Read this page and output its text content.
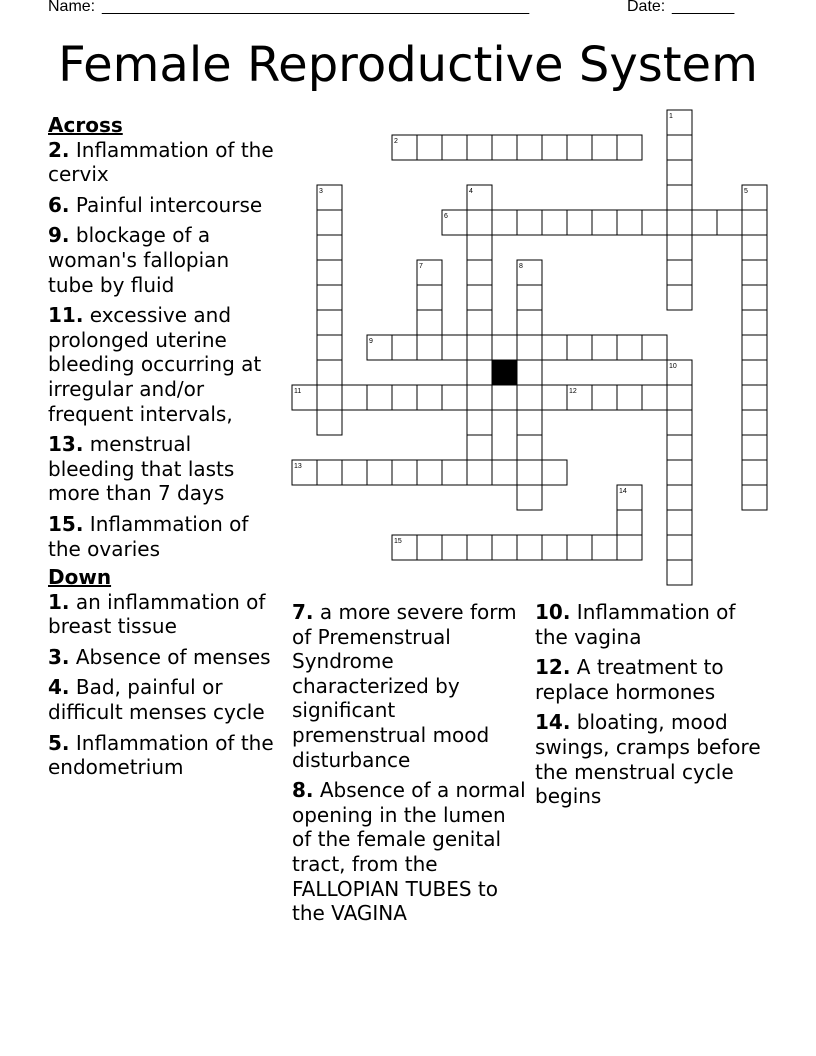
Name: ________________________________________________	Date: _______
Female Reproductive System
1
2
3	4	5
6
7	8
9
10
11	12
13
14
15
Across
2. Inflammation of the cervix
6. Painful intercourse
9. blockage of a woman's fallopian tube by fluid
11. excessive and prolonged uterine bleeding occurring at irregular and/or frequent intervals,
13. menstrual bleeding that lasts more than 7 days
15. Inflammation of the ovaries
Down
1. an inflammation of breast tissue
3. Absence of menses
4. Bad, painful or difficult menses cycle
5. Inflammation of the endometrium
7. a more severe form of Premenstrual Syndrome characterized by significant premenstrual mood disturbance
8. Absence of a normal opening in the lumen of the female genital tract, from the FALLOPIAN TUBES to the VAGINA
10. Inflammation of the vagina
12. A treatment to replace hormones
14. bloating, mood swings, cramps before the menstrual cycle begins
